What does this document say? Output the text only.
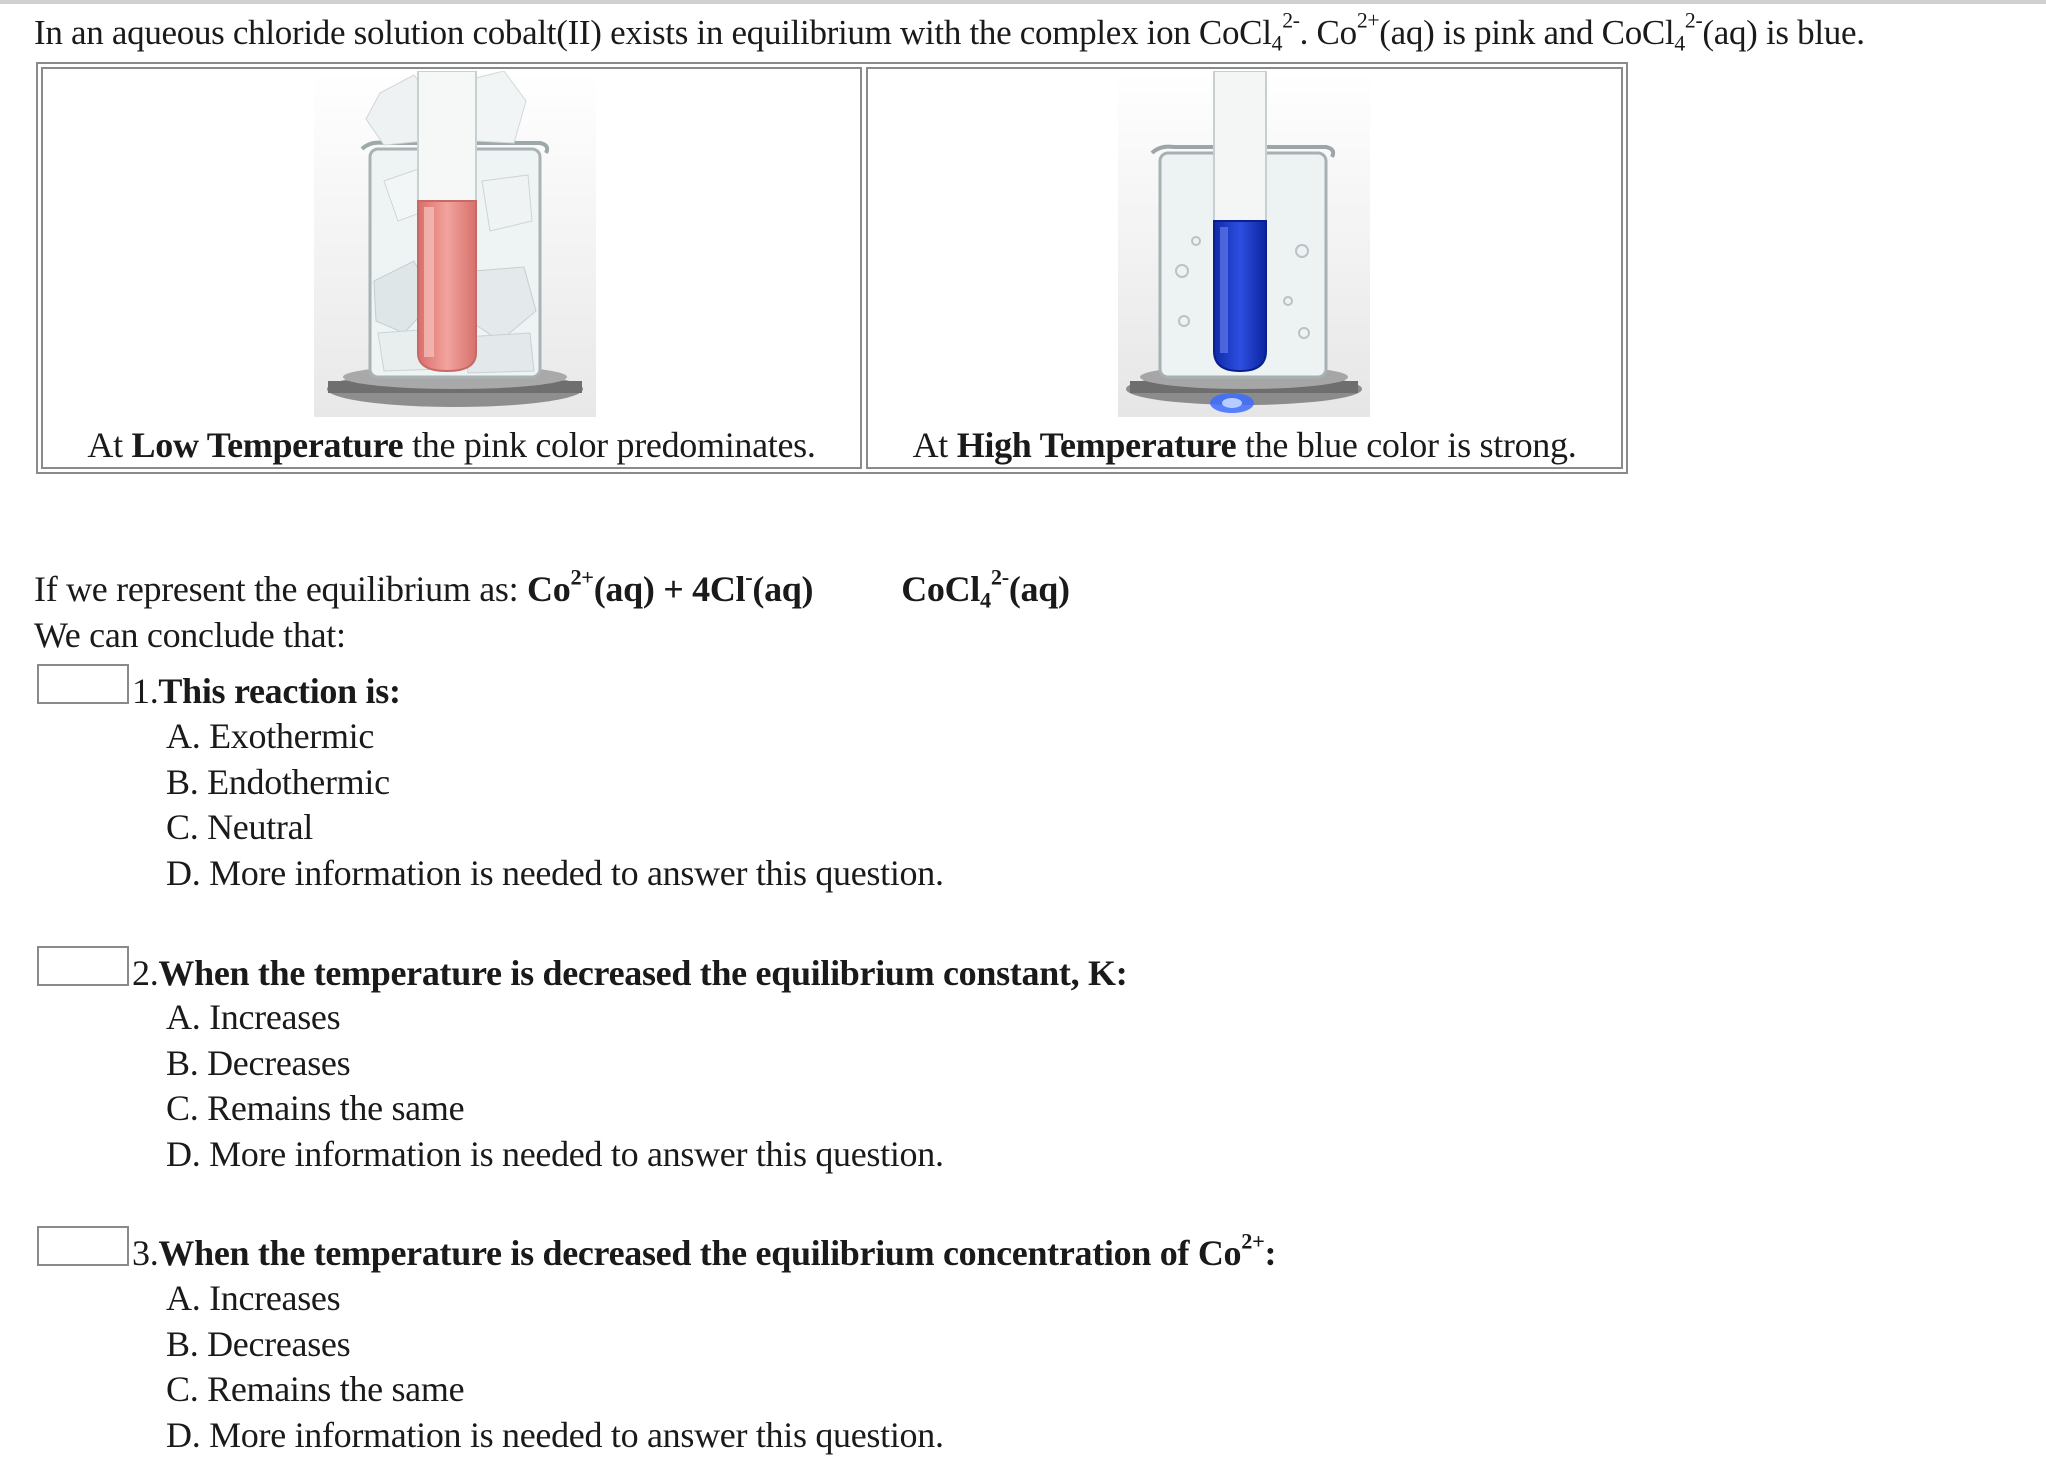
In an aqueous chloride solution cobalt(II) exists in equilibrium with the complex ion CoCl$_4^{2-}$. $Co^{2+}(aq)$ is pink and CoCl$_4^{2-}$(aq) is blue.
At Low Temperature the pink color predominates.	At High Temperature the blue color is strong.
If we represent the equilibrium as: $Co^{2+}(aq) + 4Cl^-(aq)$ CoCl$_4^{2-}$(aq)
We can conclude that:
1.This reaction is:
A. Exothermic
B. Endothermic
C. Neutral
D. More information is needed to answer this question.
2.When the temperature is decreased the equilibrium constant, K:
A. Increases
B. Decreases
C. Remains the same
D. More information is needed to answer this question.
3.When the temperature is decreased the equilibrium concentration of $Co^{2+}$:
A. Increases
B. Decreases
C. Remains the same
D. More information is needed to answer this question.
